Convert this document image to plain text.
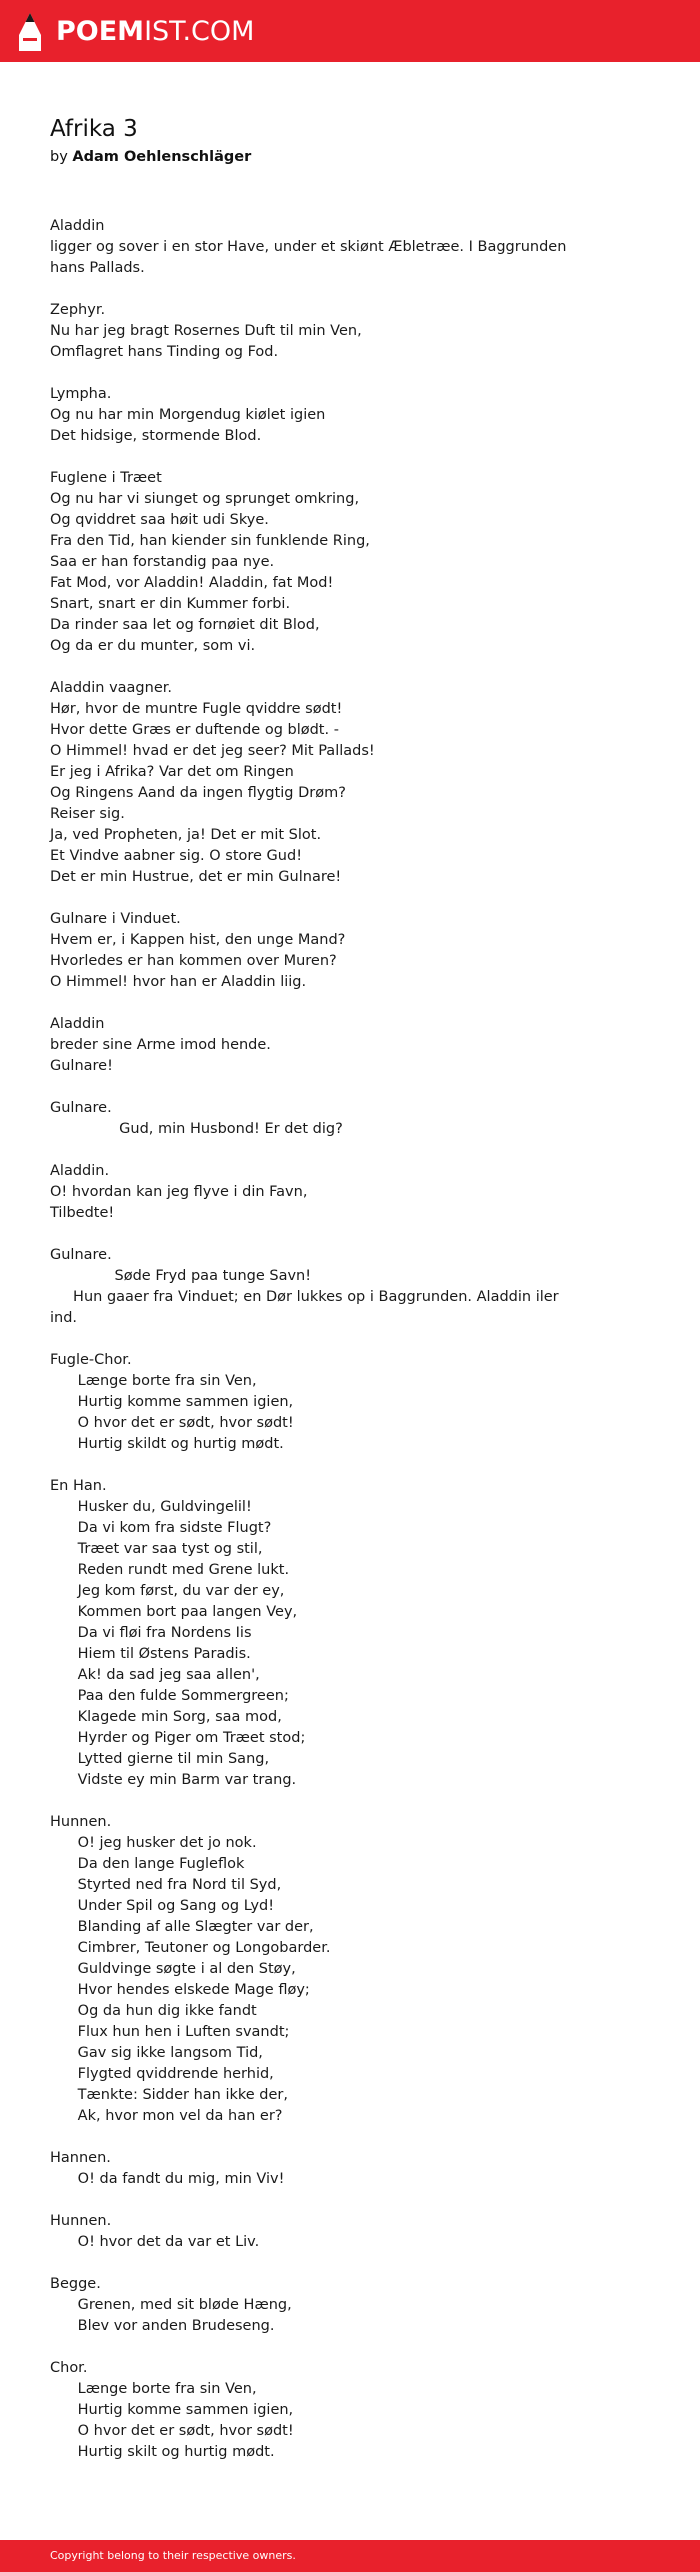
POEMIST.COM
Afrika 3
by Adam Oehlenschläger
Aladdin
ligger og sover i en stor Have, under et skiønt Æbletræe. I Baggrunden
hans Pallads.
Zephyr.
Nu har jeg bragt Rosernes Duft til min Ven,
Omflagret hans Tinding og Fod.
Lympha.
Og nu har min Morgendug kiølet igien
Det hidsige, stormende Blod.
Fuglene i Træet
Og nu har vi siunget og sprunget omkring,
Og qviddret saa høit udi Skye.
Fra den Tid, han kiender sin funklende Ring,
Saa er han forstandig paa nye.
Fat Mod, vor Aladdin! Aladdin, fat Mod!
Snart, snart er din Kummer forbi.
Da rinder saa let og fornøiet dit Blod,
Og da er du munter, som vi.
Aladdin vaagner.
Hør, hvor de muntre Fugle qviddre sødt!
Hvor dette Græs er duftende og blødt. -
O Himmel! hvad er det jeg seer? Mit Pallads!
Er jeg i Afrika? Var det om Ringen
Og Ringens Aand da ingen flygtig Drøm?
Reiser sig.
Ja, ved Propheten, ja! Det er mit Slot.
Et Vindve aabner sig. O store Gud!
Det er min Hustrue, det er min Gulnare!
Gulnare i Vinduet.
Hvem er, i Kappen hist, den unge Mand?
Hvorledes er han kommen over Muren?
O Himmel! hvor han er Aladdin liig.
Aladdin
breder sine Arme imod hende.
Gulnare!
Gulnare.
Gud, min Husbond! Er det dig?
Aladdin.
O! hvordan kan jeg flyve i din Favn,
Tilbedte!
Gulnare.
Søde Fryd paa tunge Savn!
Hun gaaer fra Vinduet; en Dør lukkes op i Baggrunden. Aladdin iler
ind.
Fugle-Chor.
Længe borte fra sin Ven,
Hurtig komme sammen igien,
O hvor det er sødt, hvor sødt!
Hurtig skildt og hurtig mødt.
En Han.
Husker du, Guldvingelil!
Da vi kom fra sidste Flugt?
Træet var saa tyst og stil,
Reden rundt med Grene lukt.
Jeg kom først, du var der ey,
Kommen bort paa langen Vey,
Da vi fløi fra Nordens Iis
Hiem til Østens Paradis.
Ak! da sad jeg saa allen',
Paa den fulde Sommergreen;
Klagede min Sorg, saa mod,
Hyrder og Piger om Træet stod;
Lytted gierne til min Sang,
Vidste ey min Barm var trang.
Hunnen.
O! jeg husker det jo nok.
Da den lange Fugleflok
Styrted ned fra Nord til Syd,
Under Spil og Sang og Lyd!
Blanding af alle Slægter var der,
Cimbrer, Teutoner og Longobarder.
Guldvinge søgte i al den Støy,
Hvor hendes elskede Mage fløy;
Og da hun dig ikke fandt
Flux hun hen i Luften svandt;
Gav sig ikke langsom Tid,
Flygted qviddrende herhid,
Tænkte: Sidder han ikke der,
Ak, hvor mon vel da han er?
Hannen.
O! da fandt du mig, min Viv!
Hunnen.
O! hvor det da var et Liv.
Begge.
Grenen, med sit bløde Hæng,
Blev vor anden Brudeseng.
Chor.
Længe borte fra sin Ven,
Hurtig komme sammen igien,
O hvor det er sødt, hvor sødt!
Hurtig skilt og hurtig mødt.
Copyright belong to their respective owners.
